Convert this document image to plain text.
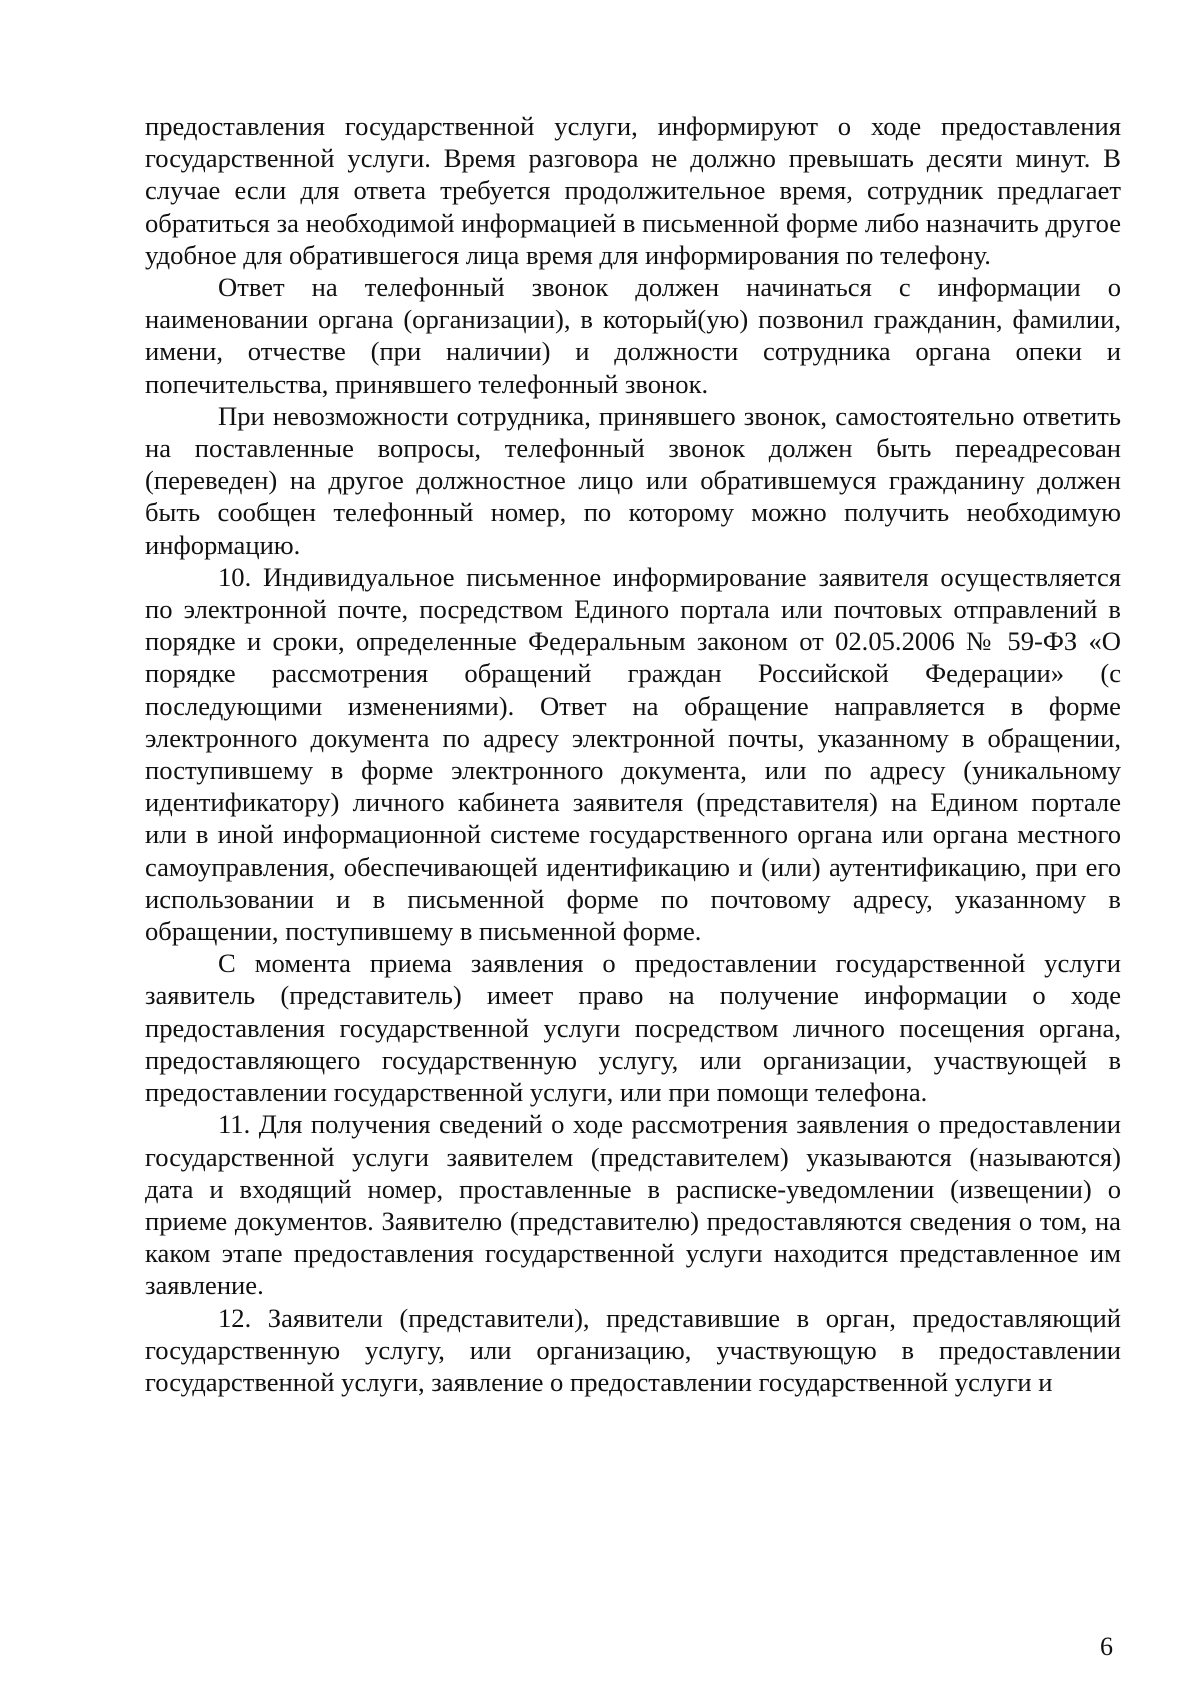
предоставления государственной услуги, информируют о ходе предоставления государственной услуги. Время разговора не должно превышать десяти минут. В случае если для ответа требуется продолжительное время, сотрудник предлагает обратиться за необходимой информацией в письменной форме либо назначить другое удобное для обратившегося лица время для информирования по телефону.

Ответ на телефонный звонок должен начинаться с информации о наименовании органа (организации), в который(ую) позвонил гражданин, фамилии, имени, отчестве (при наличии) и должности сотрудника органа опеки и попечительства, принявшего телефонный звонок.

При невозможности сотрудника, принявшего звонок, самостоятельно ответить на поставленные вопросы, телефонный звонок должен быть переадресован (переведен) на другое должностное лицо или обратившемуся гражданину должен быть сообщен телефонный номер, по которому можно получить необходимую информацию.

10. Индивидуальное письменное информирование заявителя осуществляется по электронной почте, посредством Единого портала или почтовых отправлений в порядке и сроки, определенные Федеральным законом от 02.05.2006 № 59-ФЗ «О порядке рассмотрения обращений граждан Российской Федерации» (с последующими изменениями). Ответ на обращение направляется в форме электронного документа по адресу электронной почты, указанному в обращении, поступившему в форме электронного документа, или по адресу (уникальному идентификатору) личного кабинета заявителя (представителя) на Едином портале или в иной информационной системе государственного органа или органа местного самоуправления, обеспечивающей идентификацию и (или) аутентификацию, при его использовании и в письменной форме по почтовому адресу, указанному в обращении, поступившему в письменной форме.

С момента приема заявления о предоставлении государственной услуги заявитель (представитель) имеет право на получение информации о ходе предоставления государственной услуги посредством личного посещения органа, предоставляющего государственную услугу, или организации, участвующей в предоставлении государственной услуги, или при помощи телефона.

11. Для получения сведений о ходе рассмотрения заявления о предоставлении государственной услуги заявителем (представителем) указываются (называются) дата и входящий номер, проставленные в расписке-уведомлении (извещении) о приеме документов. Заявителю (представителю) предоставляются сведения о том, на каком этапе предоставления государственной услуги находится представленное им заявление.

12. Заявители (представители), представившие в орган, предоставляющий государственную услугу, или организацию, участвующую в предоставлении государственной услуги, заявление о предоставлении государственной услуги и

6
